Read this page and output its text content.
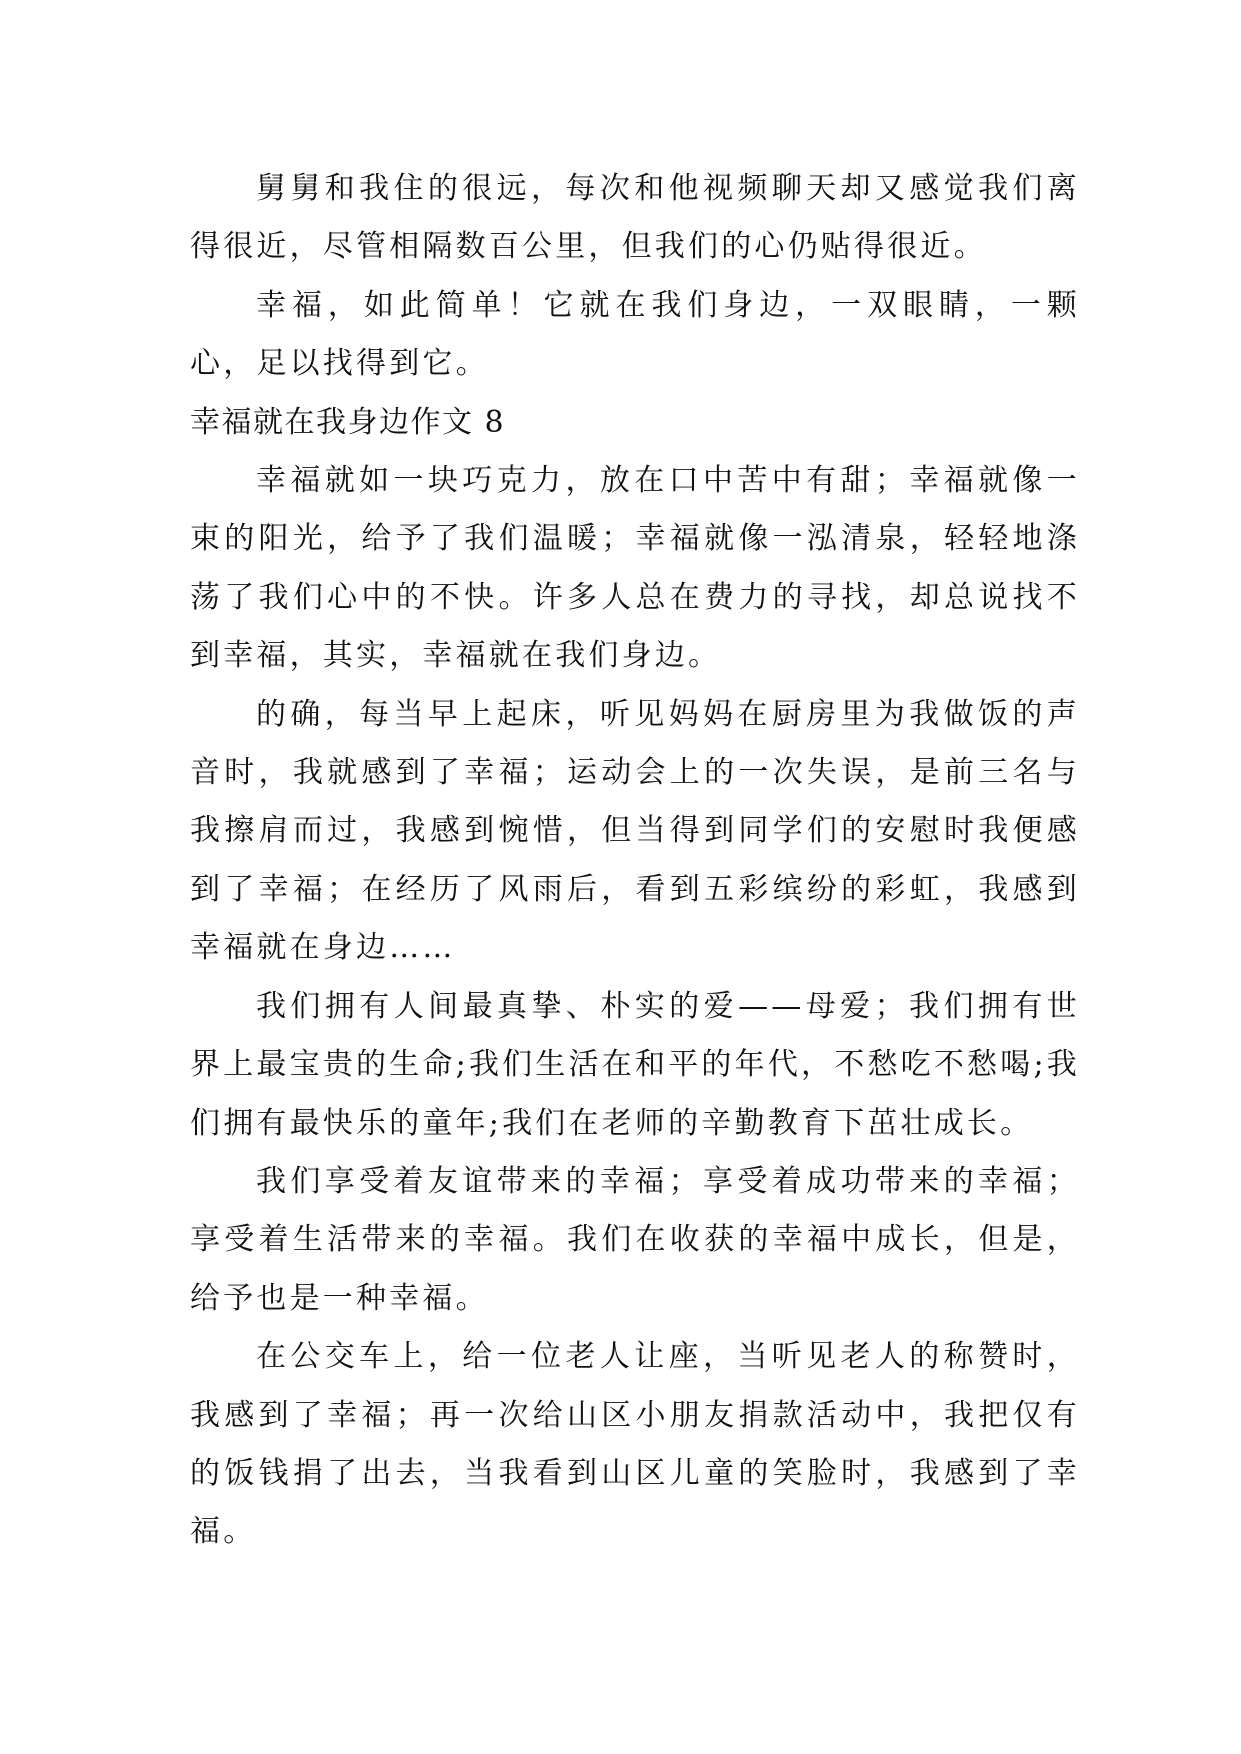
舅舅和我住的很远，每次和他视频聊天却又感觉我们离得很近，尽管相隔数百公里，但我们的心仍贴得很近。

幸福，如此简单！它就在我们身边，一双眼睛，一颗心，足以找得到它。

幸福就在我身边作文 8

幸福就如一块巧克力，放在口中苦中有甜；幸福就像一束的阳光，给予了我们温暖；幸福就像一泓清泉，轻轻地涤荡了我们心中的不快。许多人总在费力的寻找，却总说找不到幸福，其实，幸福就在我们身边。

的确，每当早上起床，听见妈妈在厨房里为我做饭的声音时，我就感到了幸福；运动会上的一次失误，是前三名与我擦肩而过，我感到惋惜，但当得到同学们的安慰时我便感到了幸福；在经历了风雨后，看到五彩缤纷的彩虹，我感到幸福就在身边……

我们拥有人间最真挚、朴实的爱——母爱；我们拥有世界上最宝贵的生命;我们生活在和平的年代，不愁吃不愁喝;我们拥有最快乐的童年;我们在老师的辛勤教育下茁壮成长。

我们享受着友谊带来的幸福；享受着成功带来的幸福；享受着生活带来的幸福。我们在收获的幸福中成长，但是，给予也是一种幸福。

在公交车上，给一位老人让座，当听见老人的称赞时，我感到了幸福；再一次给山区小朋友捐款活动中，我把仅有的饭钱捐了出去，当我看到山区儿童的笑脸时，我感到了幸福。
